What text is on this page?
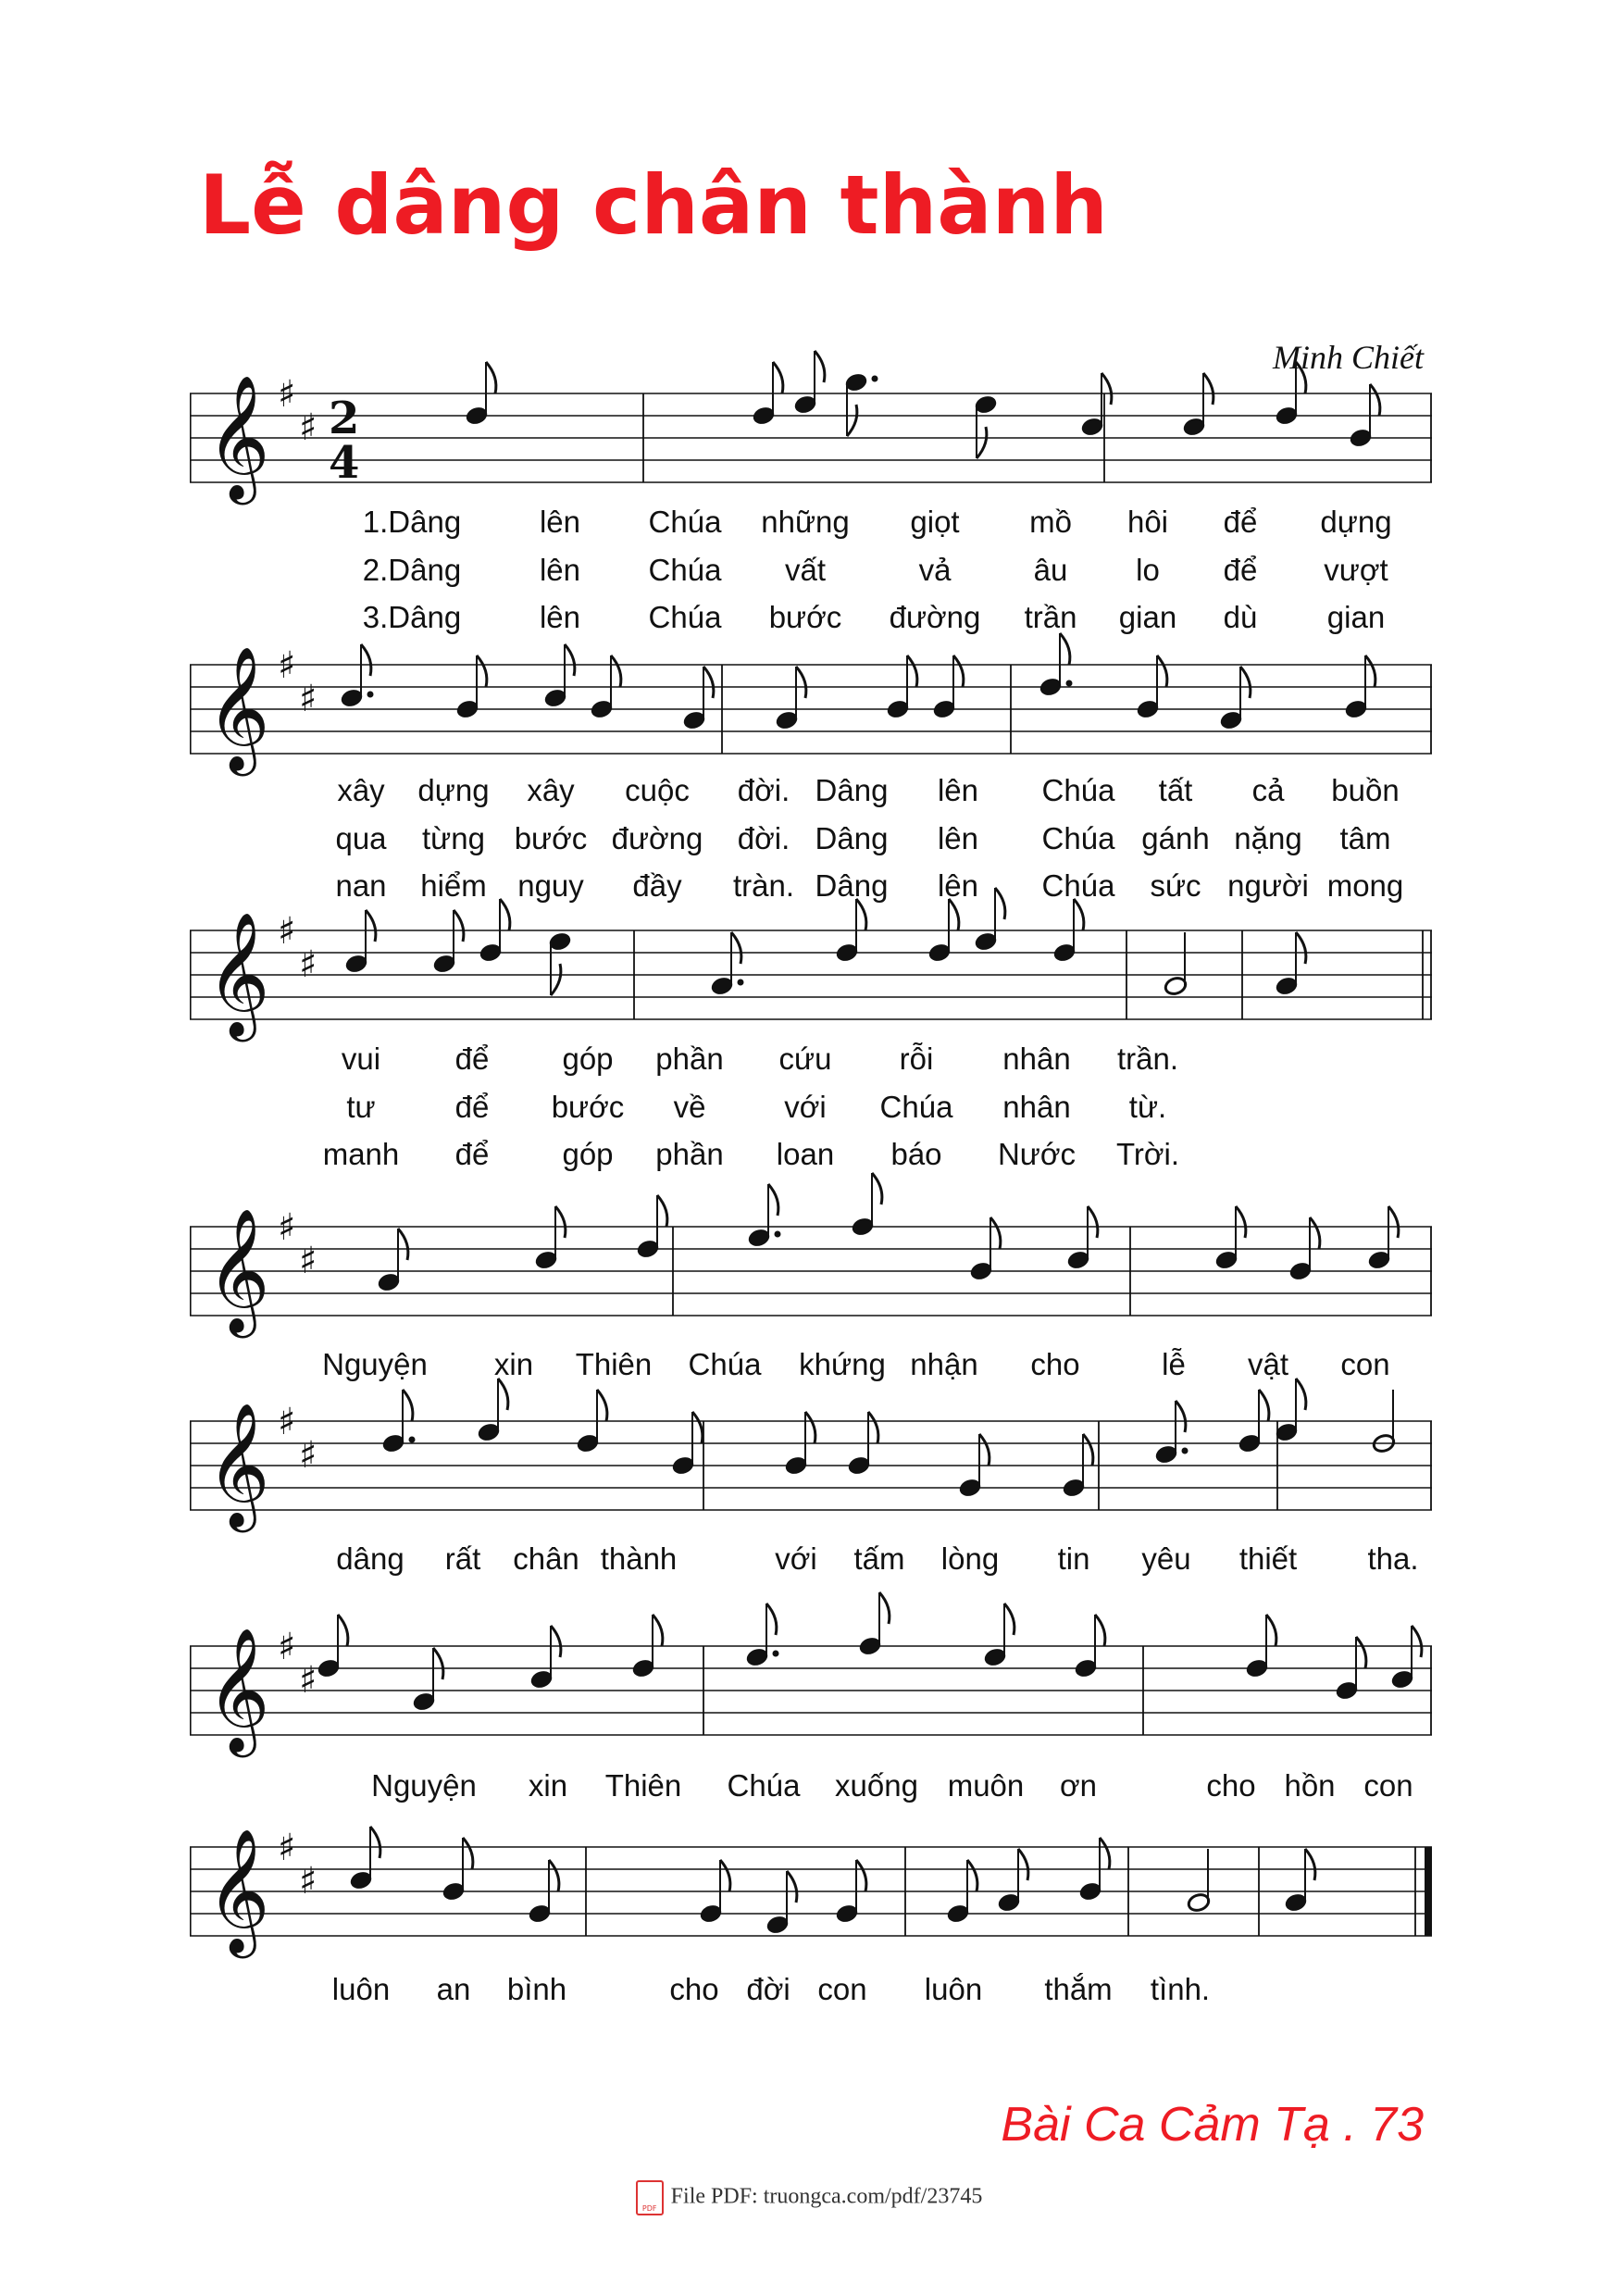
Lễ dâng chân thành
Minh Chiết
𝄞 ♯
♯ 2
4
1.Dâng	lên Chúa những giọt mồ hôi để dựng
2.Dâng	lên Chúa vất	vả	âu lo để vượt
3.Dâng	lên Chúa bước đường trần gian dù gian
𝄞 ♯
♯
xây dựng xây cuộc đời. Dâng lên Chúa tất cả buồn
qua từng bước đường đời. Dâng lên Chúa gánh nặng tâm
nan hiểm nguy đầy tràn. Dâng lên Chúa sức người mong
𝄞 ♯
♯
vui để góp phần cứu rỗi nhân trần.
tư	để bước về	với Chúa nhân từ.
manh để góp phần loan báo Nước Trời.
𝄞 ♯
♯
Nguyện xin Thiên Chúa khứng nhận cho	lễ vật con
𝄞 ♯
♯
dâng rất chân thành	với tấm lòng tin yêu thiết tha.
𝄞 ♯
♯
Nguyện xin Thiên Chúa xuống muôn ơn	cho hồn con
𝄞 ♯
♯
luôn an bình	cho đời con luôn thắm tình.
Bài Ca Cảm Tạ . 73
PDFFile PDF: truongca.com/pdf/23745
